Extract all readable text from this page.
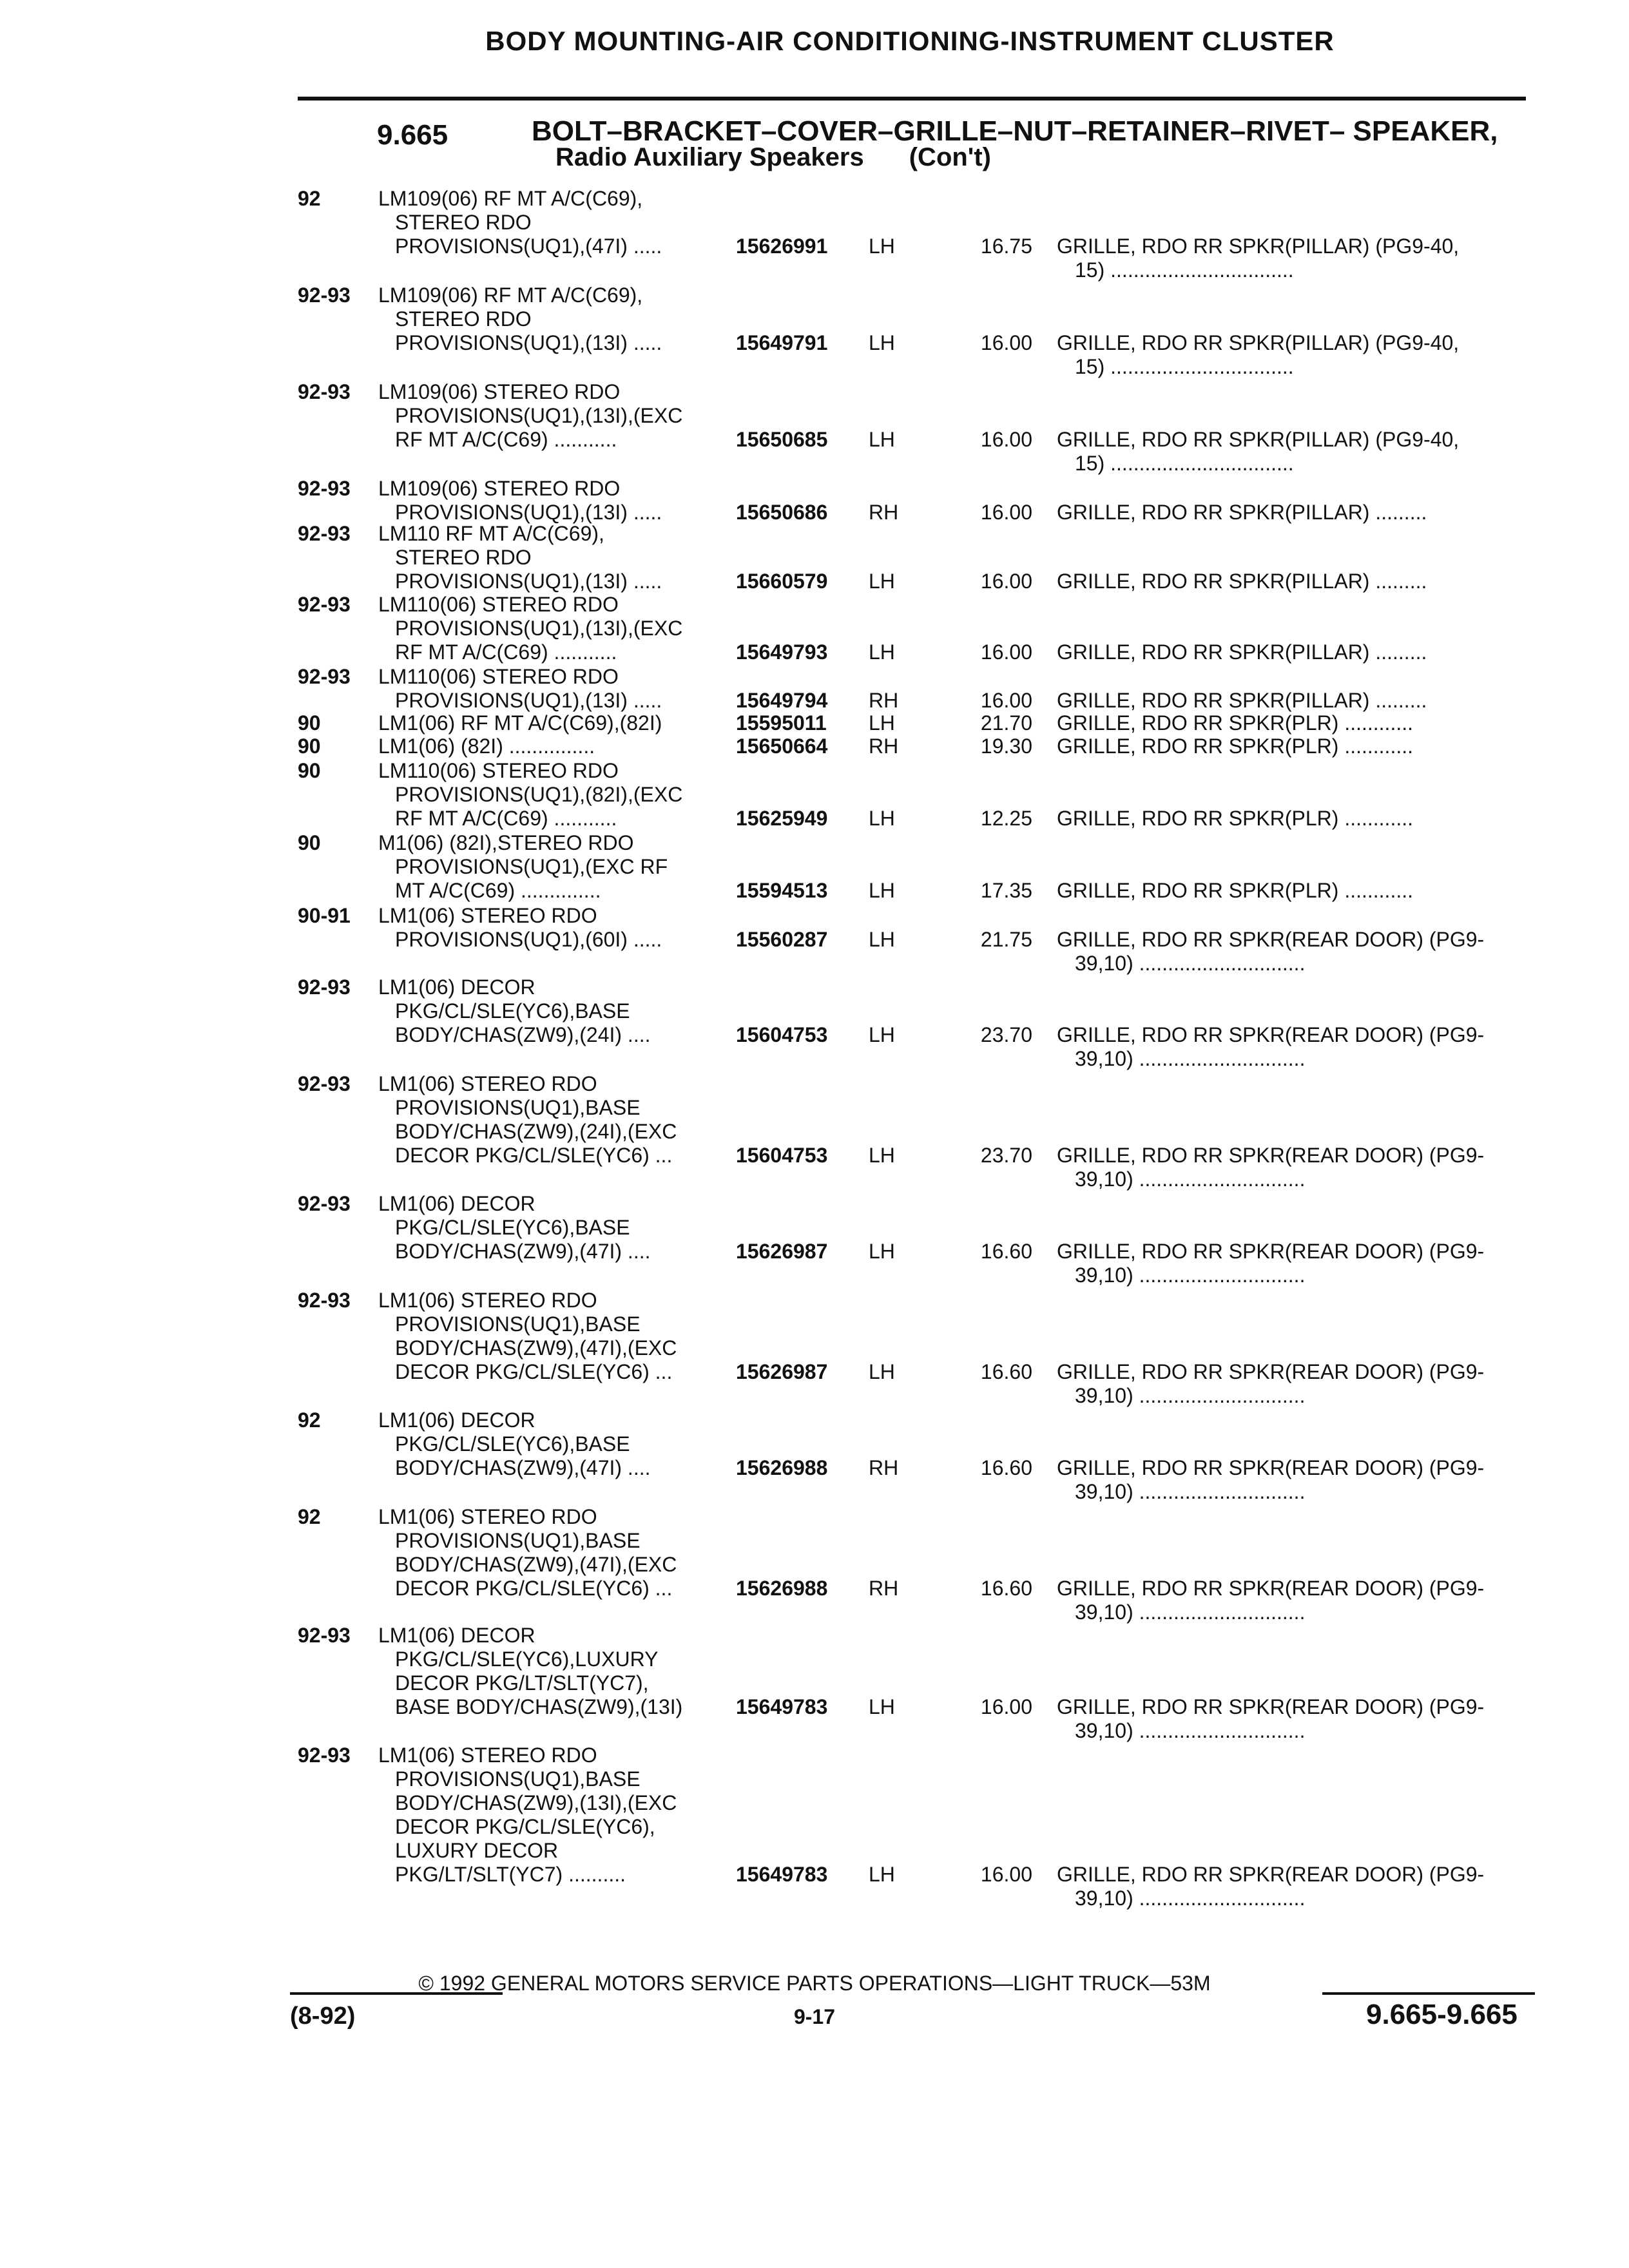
BODY MOUNTING-AIR CONDITIONING-INSTRUMENT CLUSTER
9.665	BOLT–BRACKET–COVER–GRILLE–NUT–RETAINER–RIVET– SPEAKER,
Radio Auxiliary Speakers (Con't)
92	LM109(06) RF MT A/C(C69),
STEREO RDO
PROVISIONS(UQ1),(47I) .....	15626991 LH	16.75 GRILLE, RDO RR SPKR(PILLAR) (PG9-40,
15) ................................
92-93	LM109(06) RF MT A/C(C69),
STEREO RDO
PROVISIONS(UQ1),(13I) .....	15649791 LH	16.00 GRILLE, RDO RR SPKR(PILLAR) (PG9-40,
15) ................................
92-93	LM109(06) STEREO RDO
PROVISIONS(UQ1),(13I),(EXC
RF MT A/C(C69) ...........	15650685 LH	16.00 GRILLE, RDO RR SPKR(PILLAR) (PG9-40,
15) ................................
92-93	LM109(06) STEREO RDO
PROVISIONS(UQ1),(13I) .....	15650686 RH	16.00 GRILLE, RDO RR SPKR(PILLAR) .........
92-93	LM110 RF MT A/C(C69),
STEREO RDO
PROVISIONS(UQ1),(13I) .....	15660579 LH	16.00 GRILLE, RDO RR SPKR(PILLAR) .........
92-93	LM110(06) STEREO RDO
PROVISIONS(UQ1),(13I),(EXC
RF MT A/C(C69) ...........	15649793 LH	16.00 GRILLE, RDO RR SPKR(PILLAR) .........
92-93	LM110(06) STEREO RDO
PROVISIONS(UQ1),(13I) .....	15649794 RH	16.00 GRILLE, RDO RR SPKR(PILLAR) .........
90	LM1(06) RF MT A/C(C69),(82I)	15595011 LH	21.70 GRILLE, RDO RR SPKR(PLR) ............
90	LM1(06) (82I) ...............	15650664 RH	19.30 GRILLE, RDO RR SPKR(PLR) ............
90	LM110(06) STEREO RDO
PROVISIONS(UQ1),(82I),(EXC
RF MT A/C(C69) ...........	15625949 LH	12.25 GRILLE, RDO RR SPKR(PLR) ............
90	M1(06) (82I),STEREO RDO
PROVISIONS(UQ1),(EXC RF
MT A/C(C69) ..............	15594513 LH	17.35 GRILLE, RDO RR SPKR(PLR) ............
90-91	LM1(06) STEREO RDO
PROVISIONS(UQ1),(60I) .....	15560287 LH	21.75 GRILLE, RDO RR SPKR(REAR DOOR) (PG9-
39,10) .............................
92-93	LM1(06) DECOR
PKG/CL/SLE(YC6),BASE
BODY/CHAS(ZW9),(24I) ....	15604753 LH	23.70 GRILLE, RDO RR SPKR(REAR DOOR) (PG9-
39,10) .............................
92-93	LM1(06) STEREO RDO
PROVISIONS(UQ1),BASE
BODY/CHAS(ZW9),(24I),(EXC
DECOR PKG/CL/SLE(YC6) ...	15604753 LH	23.70 GRILLE, RDO RR SPKR(REAR DOOR) (PG9-
39,10) .............................
92-93	LM1(06) DECOR
PKG/CL/SLE(YC6),BASE
BODY/CHAS(ZW9),(47I) ....	15626987 LH	16.60 GRILLE, RDO RR SPKR(REAR DOOR) (PG9-
39,10) .............................
92-93	LM1(06) STEREO RDO
PROVISIONS(UQ1),BASE
BODY/CHAS(ZW9),(47I),(EXC
DECOR PKG/CL/SLE(YC6) ...	15626987 LH	16.60 GRILLE, RDO RR SPKR(REAR DOOR) (PG9-
39,10) .............................
92	LM1(06) DECOR
PKG/CL/SLE(YC6),BASE
BODY/CHAS(ZW9),(47I) ....	15626988 RH	16.60 GRILLE, RDO RR SPKR(REAR DOOR) (PG9-
39,10) .............................
92	LM1(06) STEREO RDO
PROVISIONS(UQ1),BASE
BODY/CHAS(ZW9),(47I),(EXC
DECOR PKG/CL/SLE(YC6) ...	15626988 RH	16.60 GRILLE, RDO RR SPKR(REAR DOOR) (PG9-
39,10) .............................
92-93	LM1(06) DECOR
PKG/CL/SLE(YC6),LUXURY
DECOR PKG/LT/SLT(YC7),
BASE BODY/CHAS(ZW9),(13I)	15649783 LH	16.00 GRILLE, RDO RR SPKR(REAR DOOR) (PG9-
39,10) .............................
92-93	LM1(06) STEREO RDO
PROVISIONS(UQ1),BASE
BODY/CHAS(ZW9),(13I),(EXC
DECOR PKG/CL/SLE(YC6),
LUXURY DECOR
PKG/LT/SLT(YC7) ..........	15649783 LH	16.00 GRILLE, RDO RR SPKR(REAR DOOR) (PG9-
39,10) .............................
© 1992 GENERAL MOTORS SERVICE PARTS OPERATIONS—LIGHT TRUCK—53M
(8-92)	9-17	9.665-9.665
